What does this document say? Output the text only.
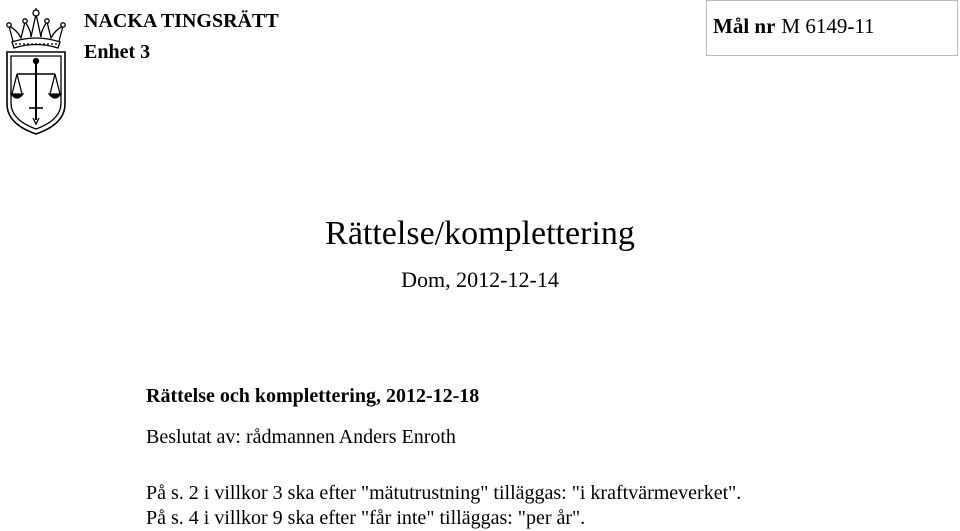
NACKA TINGSRÄTT
Enhet 3
Mål nr M 6149-11
Rättelse/komplettering
Dom, 2012-12-14
Rättelse och komplettering, 2012-12-18
Beslutat av: rådmannen Anders Enroth
På s. 2 i villkor 3 ska efter "mätutrustning" tilläggas: "i kraftvärmeverket".
På s. 4 i villkor 9 ska efter "får inte" tilläggas: "per år".
